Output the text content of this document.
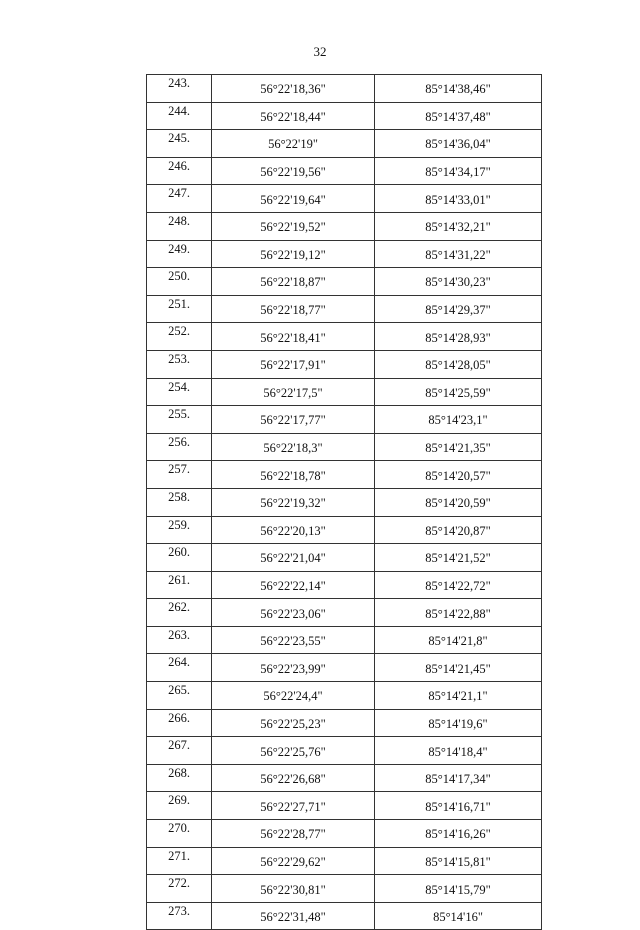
32
243.	56°22'18,36"	85°14'38,46"
244.	56°22'18,44"	85°14'37,48"
245.	56°22'19"	85°14'36,04"
246.	56°22'19,56"	85°14'34,17"
247.	56°22'19,64"	85°14'33,01"
248.	56°22'19,52"	85°14'32,21"
249.	56°22'19,12"	85°14'31,22"
250.	56°22'18,87"	85°14'30,23"
251.	56°22'18,77"	85°14'29,37"
252.	56°22'18,41"	85°14'28,93"
253.	56°22'17,91"	85°14'28,05"
254.	56°22'17,5"	85°14'25,59"
255.	56°22'17,77"	85°14'23,1"
256.	56°22'18,3"	85°14'21,35"
257.	56°22'18,78"	85°14'20,57"
258.	56°22'19,32"	85°14'20,59"
259.	56°22'20,13"	85°14'20,87"
260.	56°22'21,04"	85°14'21,52"
261.	56°22'22,14"	85°14'22,72"
262.	56°22'23,06"	85°14'22,88"
263.	56°22'23,55"	85°14'21,8"
264.	56°22'23,99"	85°14'21,45"
265.	56°22'24,4"	85°14'21,1"
266.	56°22'25,23"	85°14'19,6"
267.	56°22'25,76"	85°14'18,4"
268.	56°22'26,68"	85°14'17,34"
269.	56°22'27,71"	85°14'16,71"
270.	56°22'28,77"	85°14'16,26"
271.	56°22'29,62"	85°14'15,81"
272.	56°22'30,81"	85°14'15,79"
273.	56°22'31,48"	85°14'16"
